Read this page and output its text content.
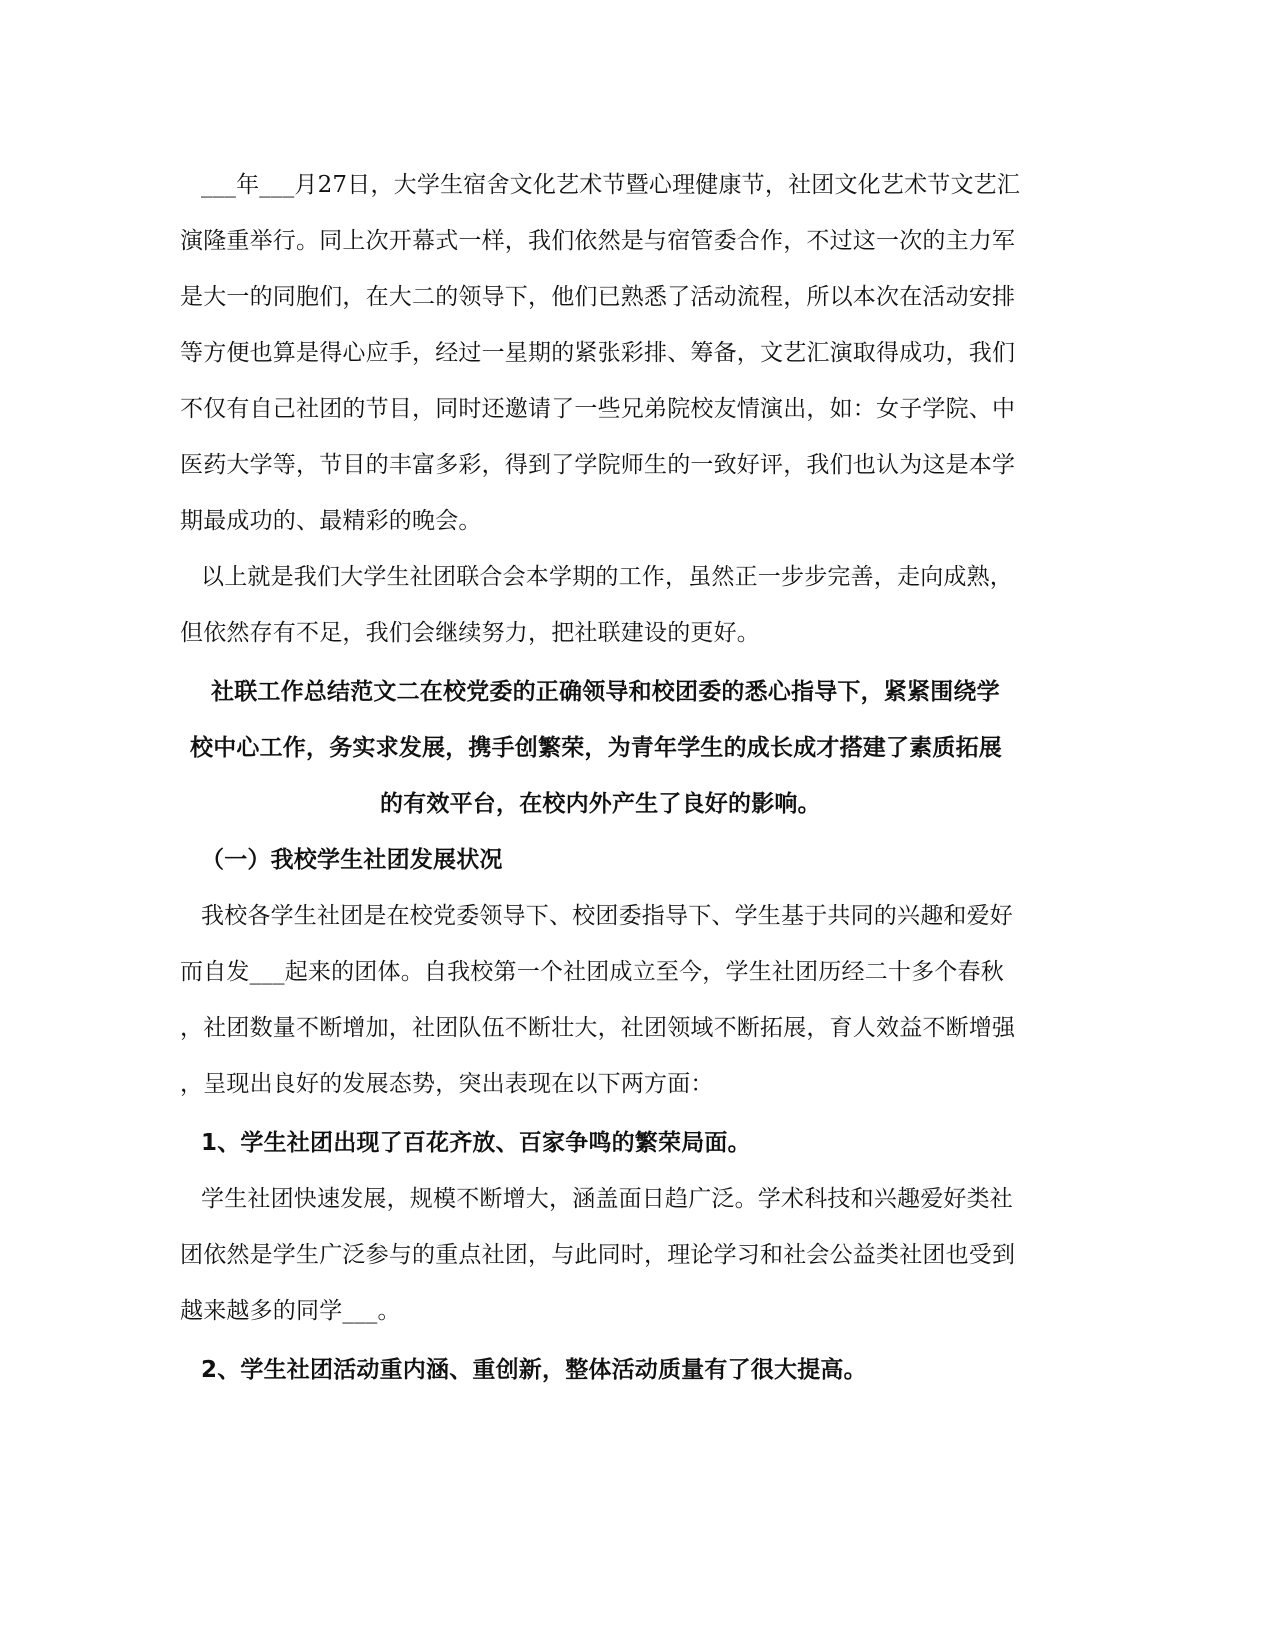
___年___月27日，大学生宿舍文化艺术节暨心理健康节，社团文化艺术节文艺汇
演隆重举行。同上次开幕式一样，我们依然是与宿管委合作，不过这一次的主力军
是大一的同胞们，在大二的领导下，他们已熟悉了活动流程，所以本次在活动安排
等方便也算是得心应手，经过一星期的紧张彩排、筹备，文艺汇演取得成功，我们
不仅有自己社团的节目，同时还邀请了一些兄弟院校友情演出，如：女子学院、中
医药大学等，节目的丰富多彩，得到了学院师生的一致好评，我们也认为这是本学
期最成功的、最精彩的晚会。
以上就是我们大学生社团联合会本学期的工作，虽然正一步步完善，走向成熟，
但依然存有不足，我们会继续努力，把社联建设的更好。
社联工作总结范文二在校党委的正确领导和校团委的悉心指导下，紧紧围绕学
校中心工作，务实求发展，携手创繁荣，为青年学生的成长成才搭建了素质拓展
的有效平台，在校内外产生了良好的影响。
（一）我校学生社团发展状况
我校各学生社团是在校党委领导下、校团委指导下、学生基于共同的兴趣和爱好
而自发___起来的团体。自我校第一个社团成立至今，学生社团历经二十多个春秋
，社团数量不断增加，社团队伍不断壮大，社团领域不断拓展，育人效益不断增强
，呈现出良好的发展态势，突出表现在以下两方面：
1、学生社团出现了百花齐放、百家争鸣的繁荣局面。
学生社团快速发展，规模不断增大，涵盖面日趋广泛。学术科技和兴趣爱好类社
团依然是学生广泛参与的重点社团，与此同时，理论学习和社会公益类社团也受到
越来越多的同学___。
2、学生社团活动重内涵、重创新，整体活动质量有了很大提高。
